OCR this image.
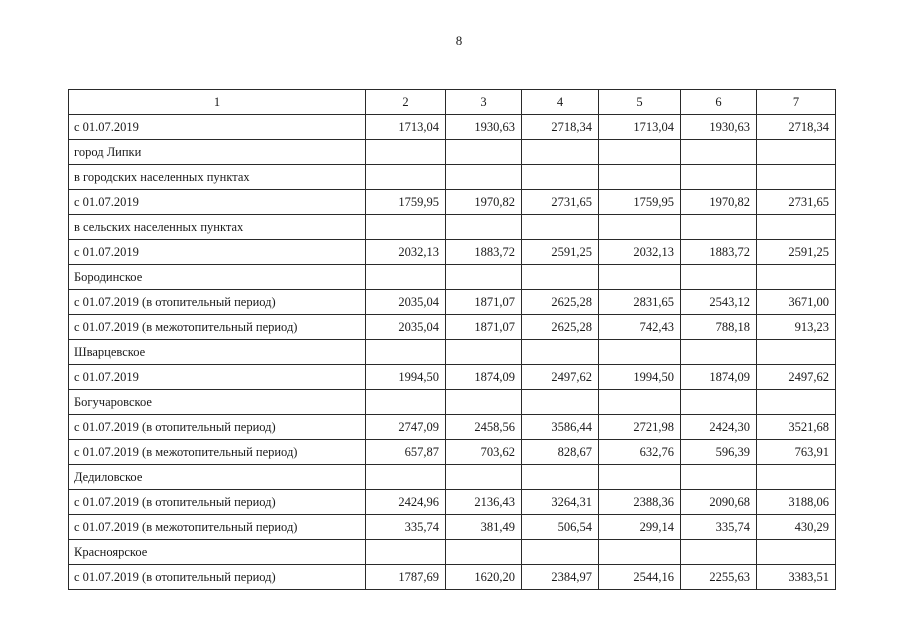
8
1	2	3	4	5	6	7
с 01.07.2019	1713,04	1930,63	2718,34	1713,04	1930,63	2718,34
город Липки						
в городских населенных пунктах						
с 01.07.2019	1759,95	1970,82	2731,65	1759,95	1970,82	2731,65
в сельских населенных пунктах						
с 01.07.2019	2032,13	1883,72	2591,25	2032,13	1883,72	2591,25
Бородинское						
с 01.07.2019 (в отопительный период)	2035,04	1871,07	2625,28	2831,65	2543,12	3671,00
с 01.07.2019 (в межотопительный период)	2035,04	1871,07	2625,28	742,43	788,18	913,23
Шварцевское						
с 01.07.2019	1994,50	1874,09	2497,62	1994,50	1874,09	2497,62
Богучаровское						
с 01.07.2019 (в отопительный период)	2747,09	2458,56	3586,44	2721,98	2424,30	3521,68
с 01.07.2019 (в межотопительный период)	657,87	703,62	828,67	632,76	596,39	763,91
Дедиловское						
с 01.07.2019 (в отопительный период)	2424,96	2136,43	3264,31	2388,36	2090,68	3188,06
с 01.07.2019 (в межотопительный период)	335,74	381,49	506,54	299,14	335,74	430,29
Красноярское						
с 01.07.2019 (в отопительный период)	1787,69	1620,20	2384,97	2544,16	2255,63	3383,51
